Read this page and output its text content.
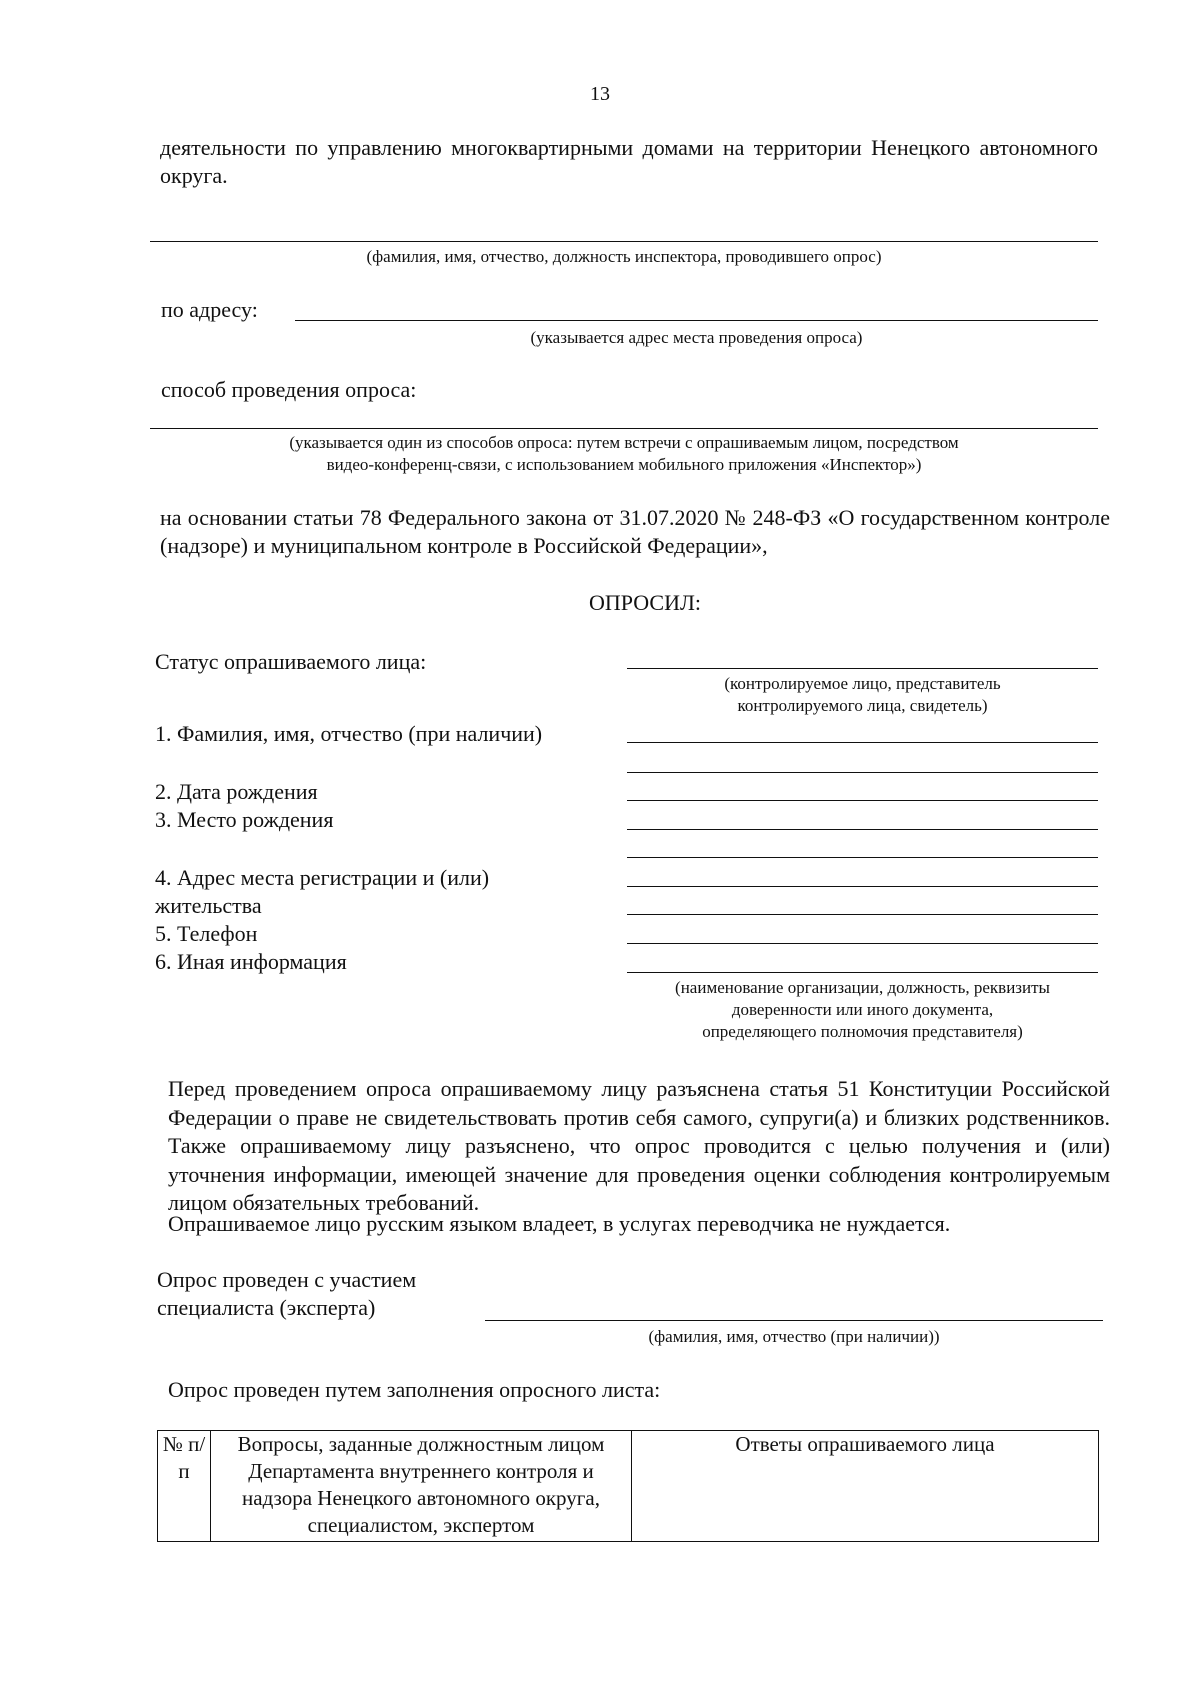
13
деятельности по управлению многоквартирными домами на территории Ненецкого автономного округа.
(фамилия, имя, отчество, должность инспектора, проводившего опрос)
по адресу:
(указывается адрес места проведения опроса)
способ проведения опроса:
(указывается один из способов опроса: путем встречи с опрашиваемым лицом, посредством
видео-конференц-связи, с использованием мобильного приложения «Инспектор»)
на основании статьи 78 Федерального закона от 31.07.2020 № 248-ФЗ «О государственном контроле (надзоре) и муниципальном контроле в Российской Федерации»,
ОПРОСИЛ:
Статус опрашиваемого лица:
(контролируемое лицо, представитель
контролируемого лица, свидетель)
1. Фамилия, имя, отчество (при наличии)
2. Дата рождения
3. Место рождения
4. Адрес места регистрации и (или)
жительства
5. Телефон
6. Иная информация
(наименование организации, должность, реквизиты
доверенности или иного документа,
определяющего полномочия представителя)
Перед проведением опроса опрашиваемому лицу разъяснена статья 51 Конституции Российской Федерации о праве не свидетельствовать против себя самого, супруги(а) и близких родственников. Также опрашиваемому лицу разъяснено, что опрос проводится с целью получения и (или) уточнения информации, имеющей значение для проведения оценки соблюдения контролируемым лицом обязательных требований.
Опрашиваемое лицо русским языком владеет, в услугах переводчика не нуждается.
Опрос проведен с участием
специалиста (эксперта)
(фамилия, имя, отчество (при наличии))
Опрос проведен путем заполнения опросного листа:
№ п/п	Вопросы, заданные должностным лицом Департамента внутреннего контроля и надзора Ненецкого автономного округа, специалистом, экспертом	Ответы опрашиваемого лица
